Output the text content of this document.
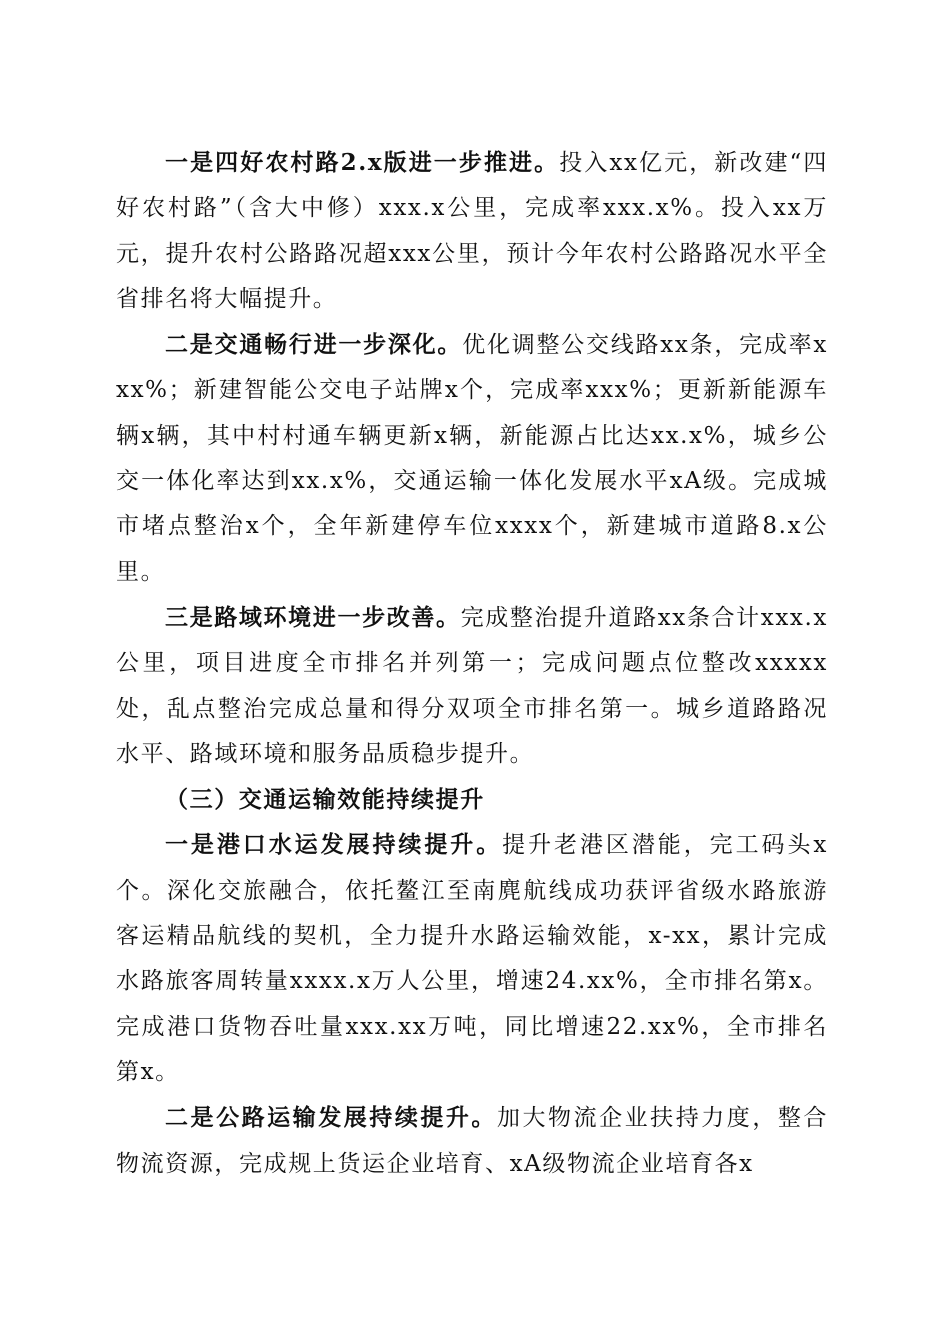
一是四好农村路2.x版进一步推进。投入xx亿元，新改建“四好农村路”（含大中修）xxx.x公里，完成率xxx.x%。投入xx万元，提升农村公路路况超xxx公里，预计今年农村公路路况水平全省排名将大幅提升。

二是交通畅行进一步深化。优化调整公交线路xx条，完成率xxx%；新建智能公交电子站牌x个，完成率xxx%；更新新能源车辆x辆，其中村村通车辆更新x辆，新能源占比达xx.x%，城乡公交一体化率达到xx.x%，交通运输一体化发展水平xA级。完成城市堵点整治x个，全年新建停车位xxxx个，新建城市道路8.x公里。

三是路域环境进一步改善。完成整治提升道路xx条合计xxx.x公里，项目进度全市排名并列第一；完成问题点位整改xxxxx处，乱点整治完成总量和得分双项全市排名第一。城乡道路路况水平、路域环境和服务品质稳步提升。

（三）交通运输效能持续提升

一是港口水运发展持续提升。提升老港区潜能，完工码头x个。深化交旅融合，依托鳌江至南麂航线成功获评省级水路旅游客运精品航线的契机，全力提升水路运输效能，x-xx，累计完成水路旅客周转量xxxx.x万人公里，增速24.xx%，全市排名第x。完成港口货物吞吐量xxx.xx万吨，同比增速22.xx%，全市排名第x。

二是公路运输发展持续提升。加大物流企业扶持力度，整合物流资源，完成规上货运企业培育、xA级物流企业培育各x
